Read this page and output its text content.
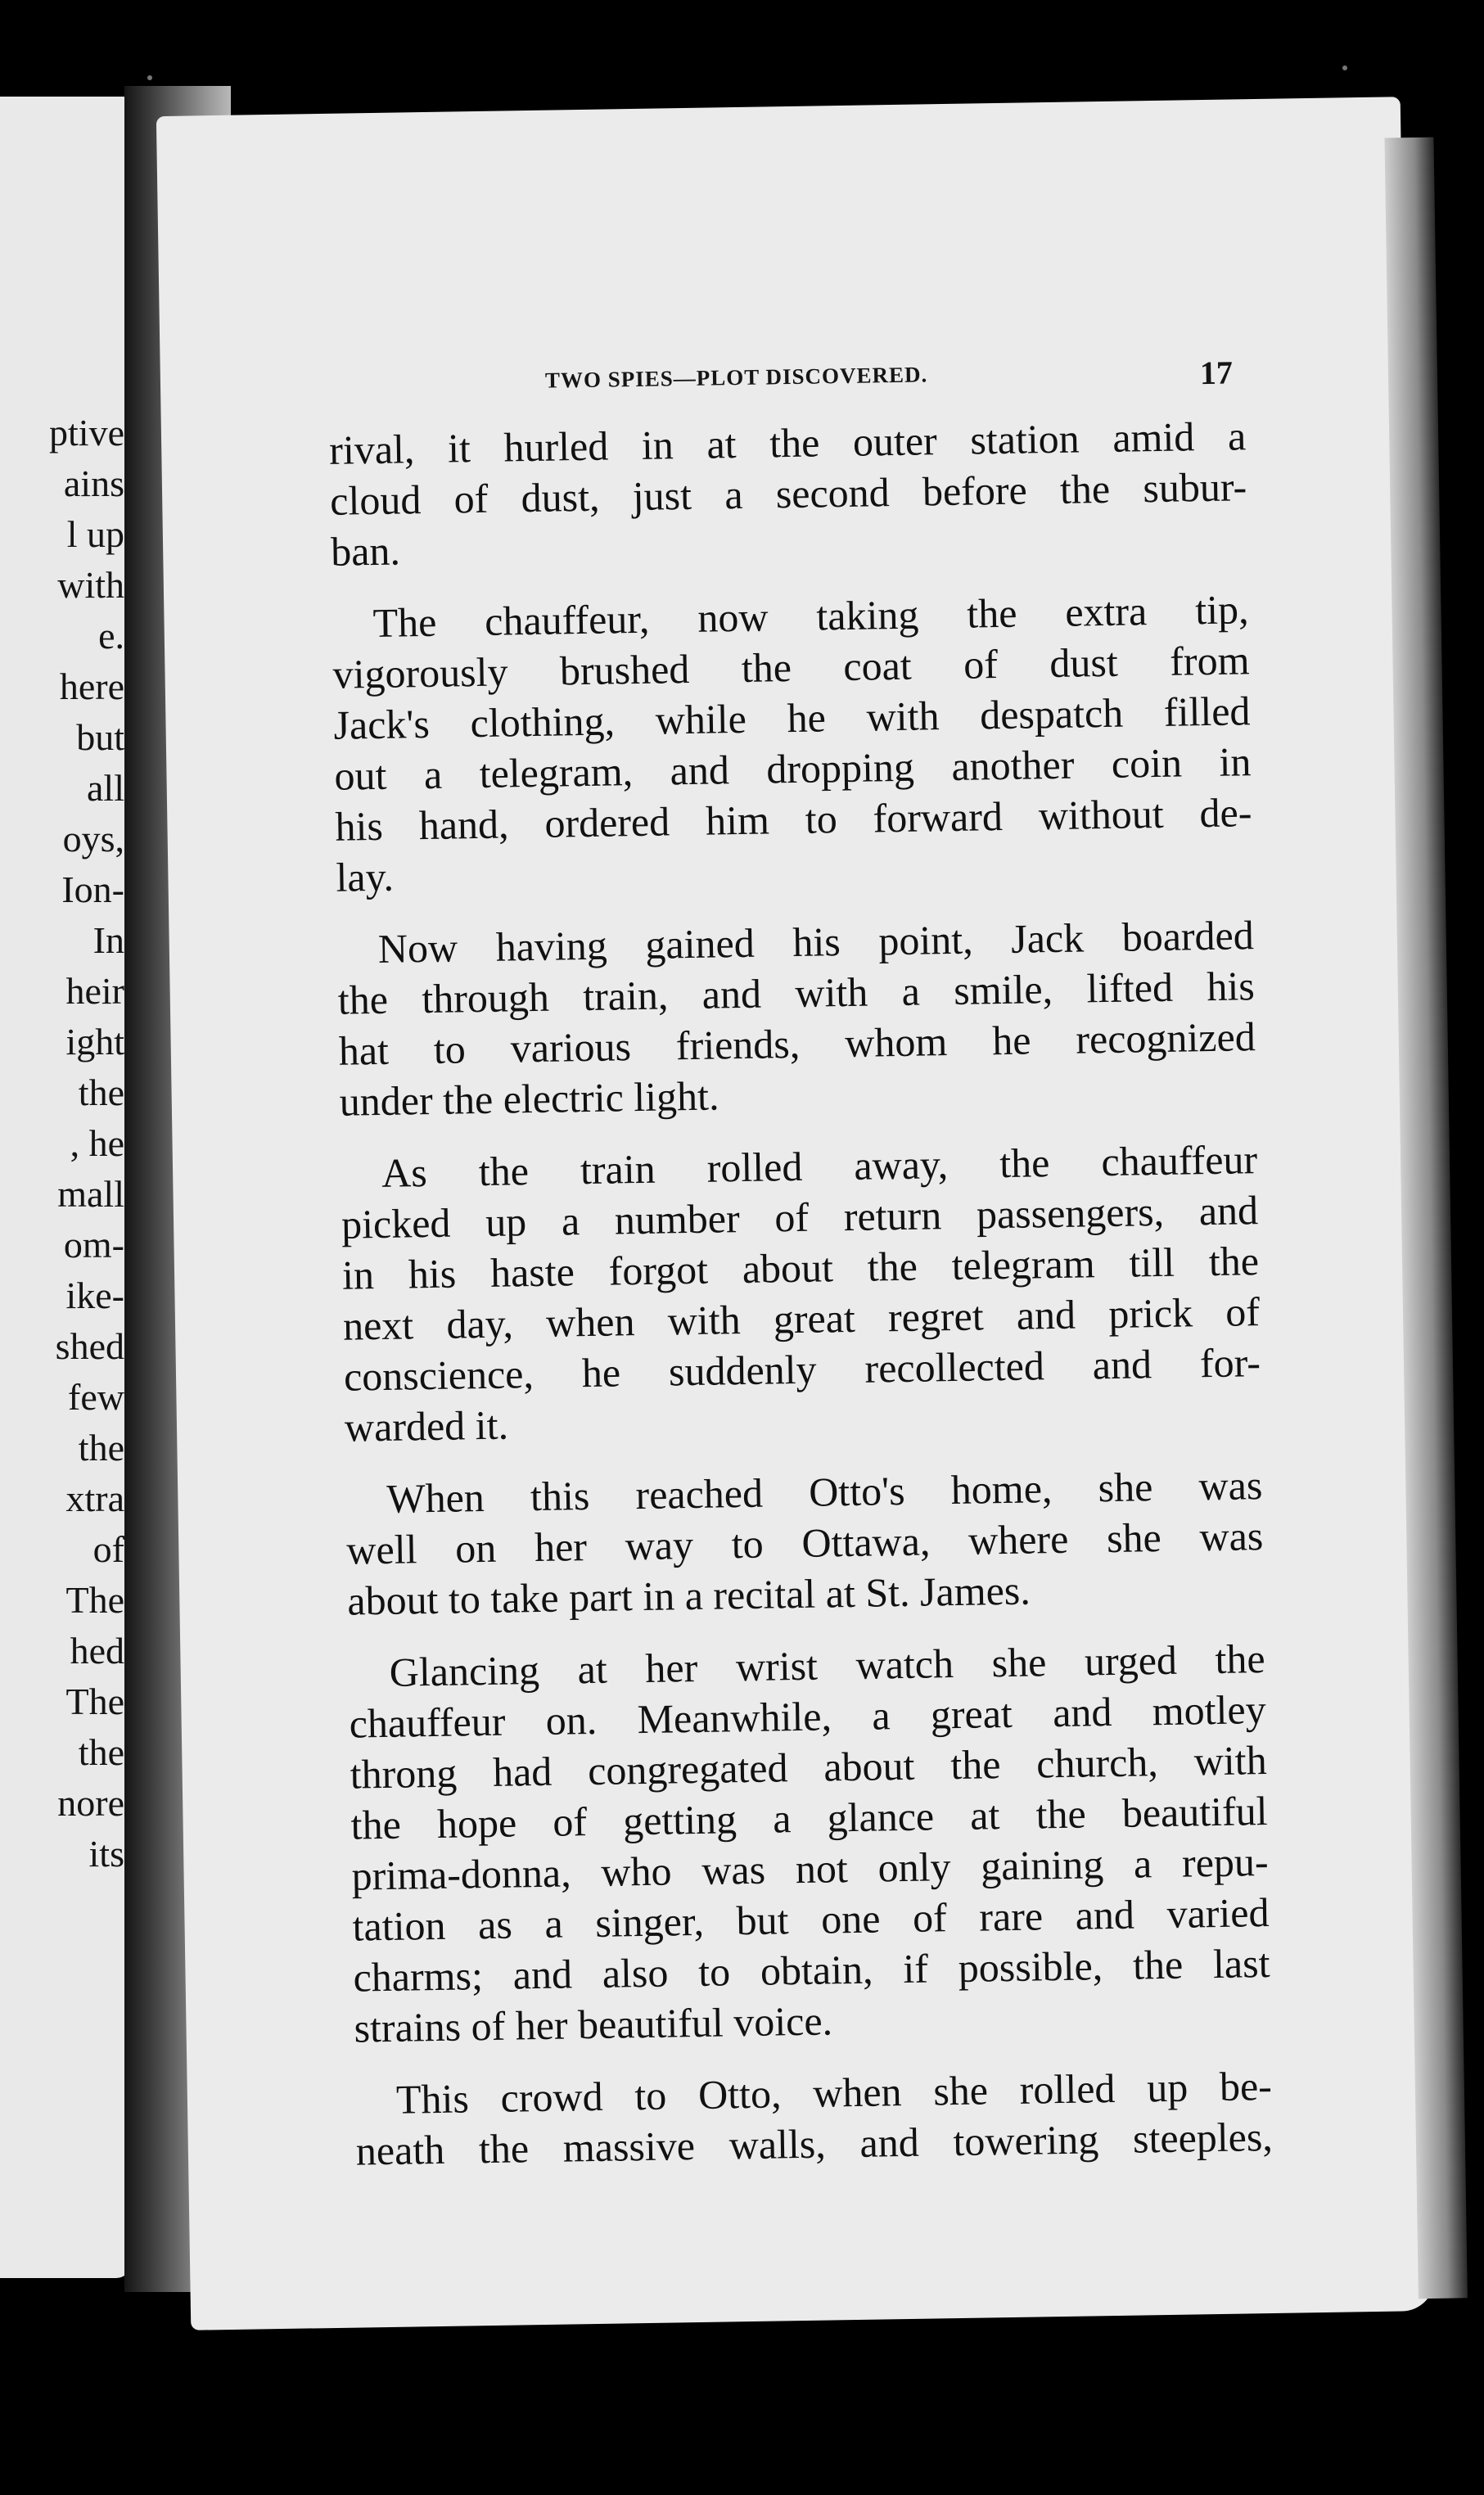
ptive
ains
l up
with
e.
here
but
all
oys,
Ion-
In
heir
ight
the
, he
mall
om-
ike-
shed
few
the
xtra
of
The
hed
The
the
nore
its
TWO SPIES—PLOT DISCOVERED.	17

rival, it hurled in at the outer station amid a
cloud of dust, just a second before the subur-
ban.

The chauffeur, now taking the extra tip,
vigorously brushed the coat of dust from
Jack's clothing, while he with despatch filled
out a telegram, and dropping another coin in
his hand, ordered him to forward without de-
lay.

Now having gained his point, Jack boarded
the through train, and with a smile, lifted his
hat to various friends, whom he recognized
under the electric light.

As the train rolled away, the chauffeur
picked up a number of return passengers, and
in his haste forgot about the telegram till the
next day, when with great regret and prick of
conscience, he suddenly recollected and for-
warded it.

When this reached Otto's home, she was
well on her way to Ottawa, where she was
about to take part in a recital at St. James.

Glancing at her wrist watch she urged the
chauffeur on. Meanwhile, a great and motley
throng had congregated about the church, with
the hope of getting a glance at the beautiful
prima-donna, who was not only gaining a repu-
tation as a singer, but one of rare and varied
charms; and also to obtain, if possible, the last
strains of her beautiful voice.

This crowd to Otto, when she rolled up be-
neath the massive walls, and towering steeples,
